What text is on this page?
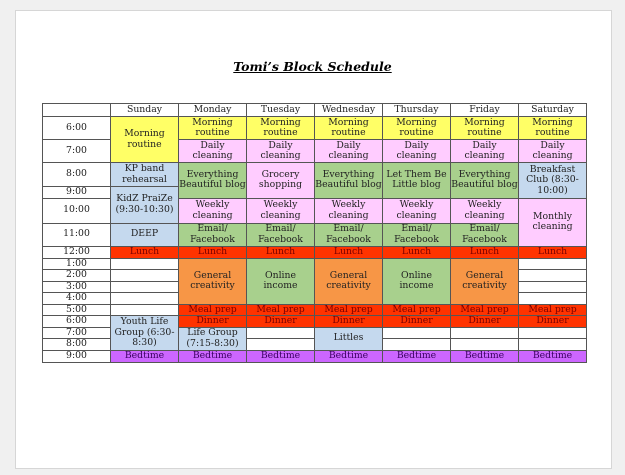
Tomi’s Block Schedule
	Sunday	Monday	Tuesday	Wednesday	Thursday	Friday	Saturday
6:00	Morning routine	Morning routine	Morning routine	Morning routine	Morning routine	Morning routine	Morning routine
7:00		Daily cleaning	Daily cleaning	Daily cleaning	Daily cleaning	Daily cleaning	Daily cleaning
8:00	KP band rehearsal	Everything Beautiful blog	Grocery shopping	Everything Beautiful blog	Let Them Be Little blog	Everything Beautiful blog	Breakfast Club (8:30-10:00)
9:00	KidZ PraiZe (9:30-10:30)						
10:00		Weekly cleaning	Weekly cleaning	Weekly cleaning	Weekly cleaning	Weekly cleaning	Monthly cleaning
11:00	DEEP	Email/ Facebook	Email/ Facebook	Email/ Facebook	Email/ Facebook	Email/ Facebook	
12:00	Lunch	Lunch	Lunch	Lunch	Lunch	Lunch	Lunch
1:00		General creativity	Online income	General creativity	Online income	General creativity	
2:00							
3:00							
4:00							
5:00		Meal prep	Meal prep	Meal prep	Meal prep	Meal prep	Meal prep
6:00	Youth Life Group (6:30-8:30)	Dinner	Dinner	Dinner	Dinner	Dinner	Dinner
7:00		Life Group (7:15-8:30)		Littles			
8:00							
9:00	Bedtime	Bedtime	Bedtime	Bedtime	Bedtime	Bedtime	Bedtime
